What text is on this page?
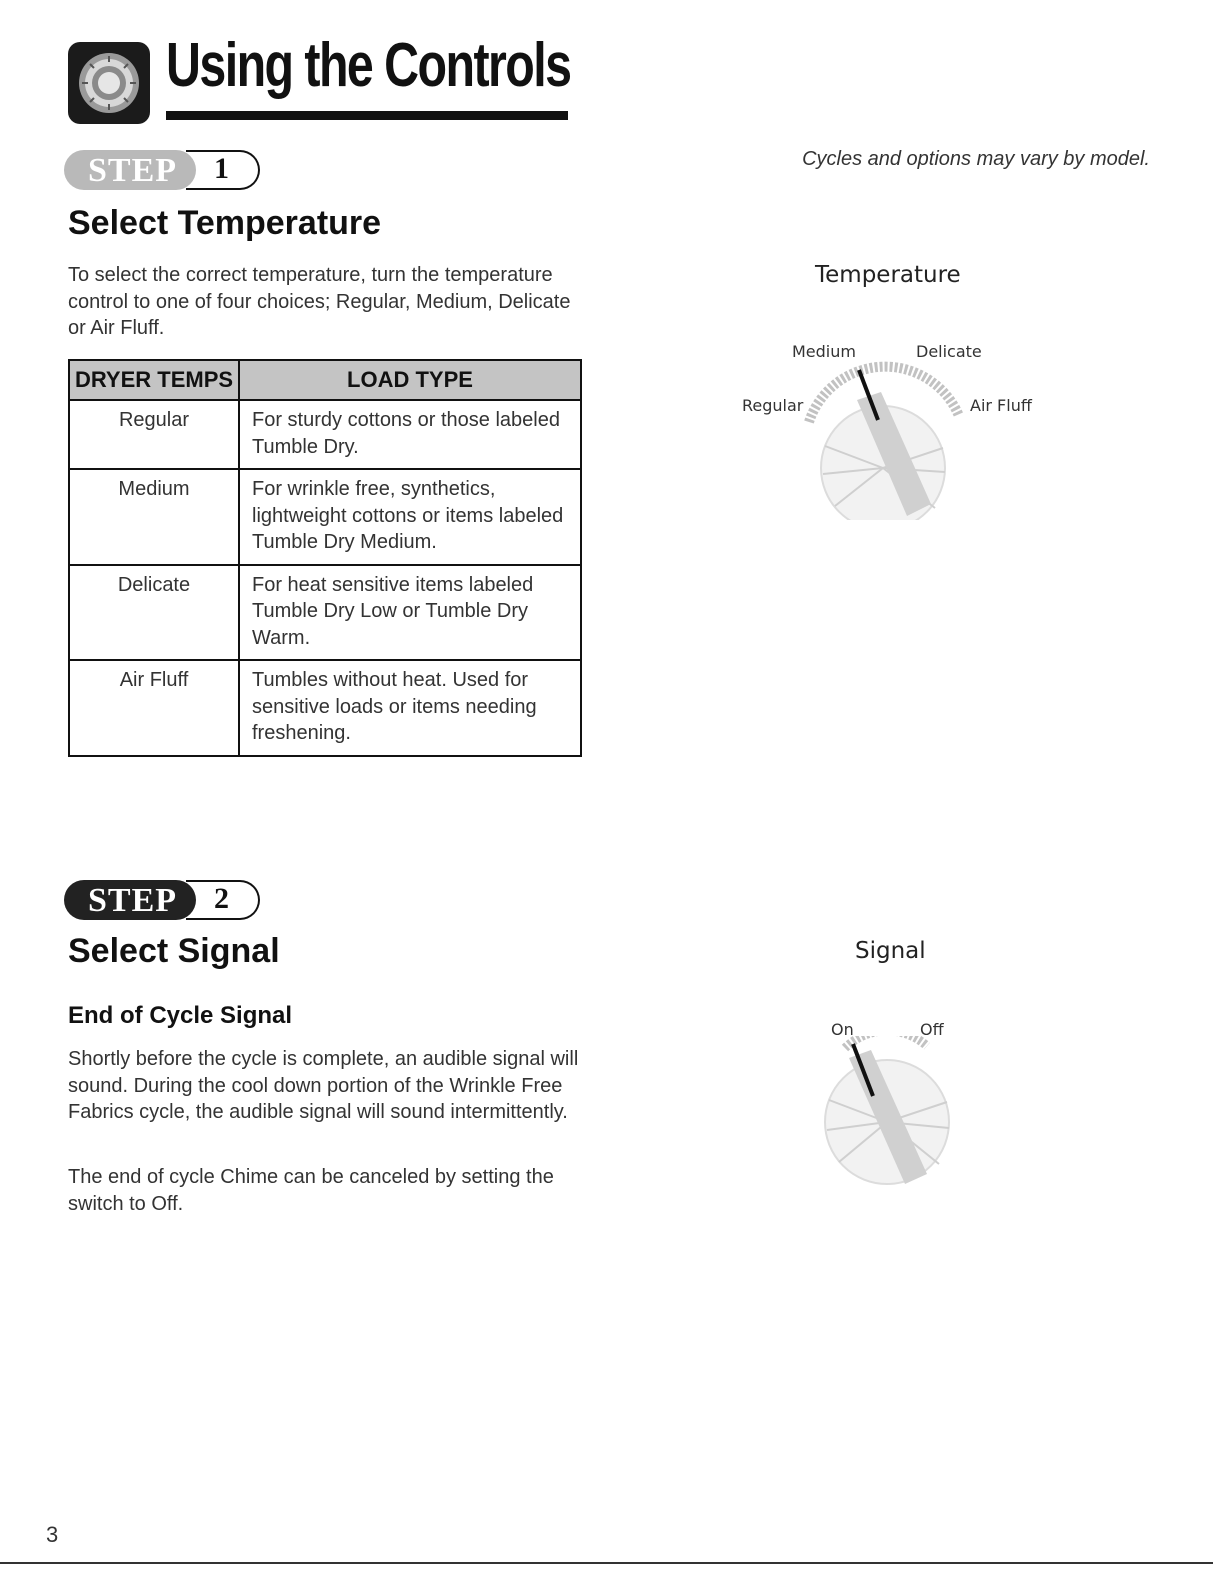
Using the Controls
Cycles and options may vary by model.
STEP 1
Select Temperature
To select the correct temperature, turn the temperature control to one of four choices; Regular, Medium, Delicate or Air Fluff.
DRYER TEMPS	LOAD TYPE
Regular	For sturdy cottons or those labeled Tumble Dry.
Medium	For wrinkle free, synthetics, lightweight cottons or items labeled Tumble Dry Medium.
Delicate	For heat sensitive items labeled Tumble Dry Low or Tumble Dry Warm.
Air Fluff	Tumbles without heat. Used for sensitive loads or items needing freshening.
Temperature
Medium	Delicate
Regular	Air Fluff
STEP 2
Select Signal
End of Cycle Signal
Shortly before the cycle is complete, an audible signal will sound. During the cool down portion of the Wrinkle Free Fabrics cycle, the audible signal will sound intermittently.
The end of cycle Chime can be canceled by setting the switch to Off.
Signal
On	Off
3
